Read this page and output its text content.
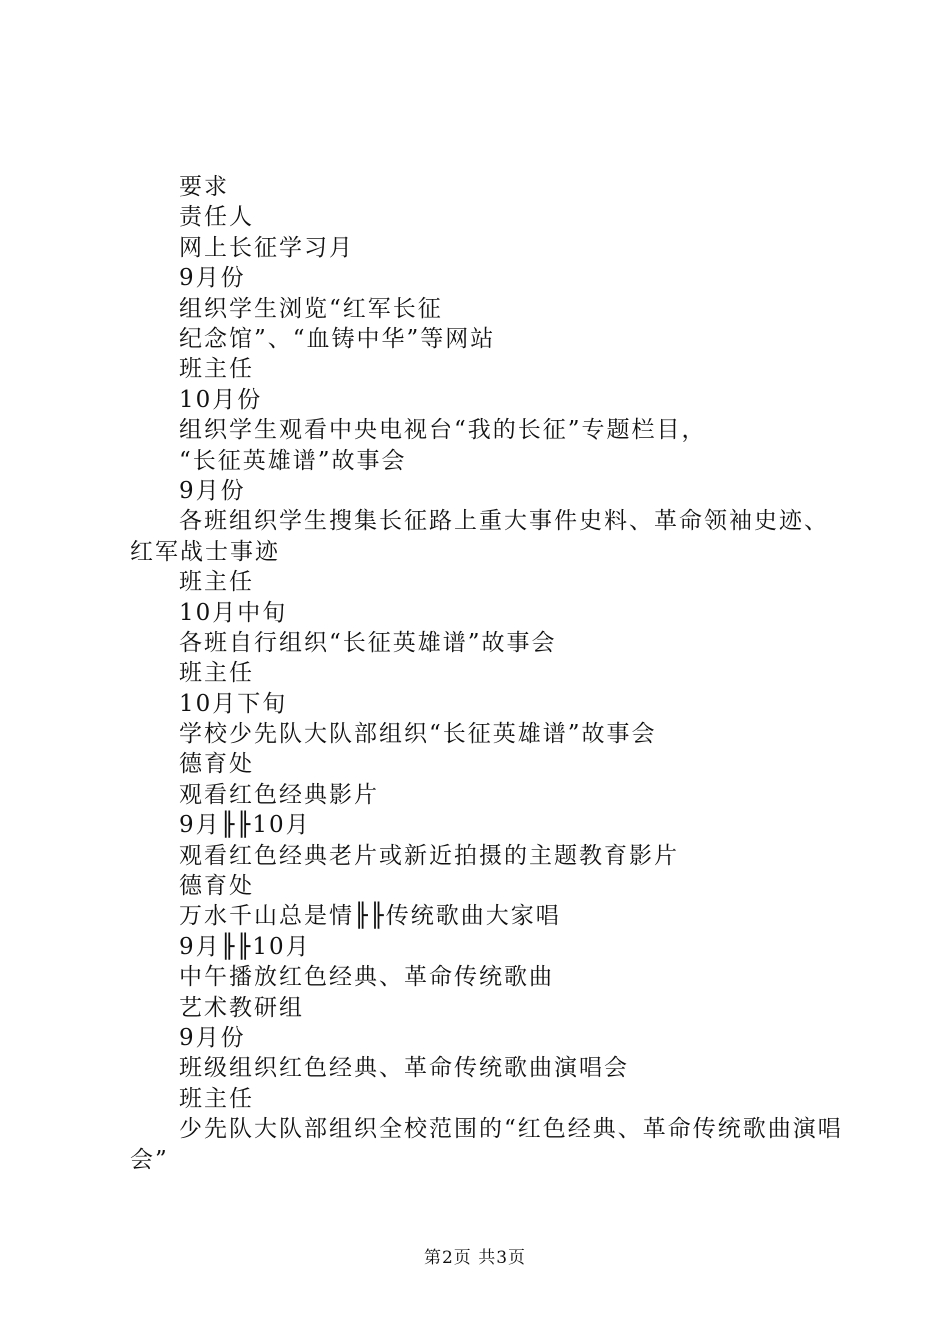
要求
责任人
网上长征学习月
9月份
组织学生浏览“红军长征
纪念馆”、“血铸中华”等网站
班主任
10月份
组织学生观看中央电视台“我的长征”专题栏目，
“长征英雄谱”故事会
9月份
各班组织学生搜集长征路上重大事件史料、革命领袖史迹、红军战士事迹
班主任
10月中旬
各班自行组织“长征英雄谱”故事会
班主任
10月下旬
学校少先队大队部组织“长征英雄谱”故事会
德育处
观看红色经典影片
9月╟╟10月
观看红色经典老片或新近拍摄的主题教育影片
德育处
万水千山总是情╟╟传统歌曲大家唱
9月╟╟10月
中午播放红色经典、革命传统歌曲
艺术教研组
9月份
班级组织红色经典、革命传统歌曲演唱会
班主任
少先队大队部组织全校范围的“红色经典、革命传统歌曲演唱会”
第2页 共3页
